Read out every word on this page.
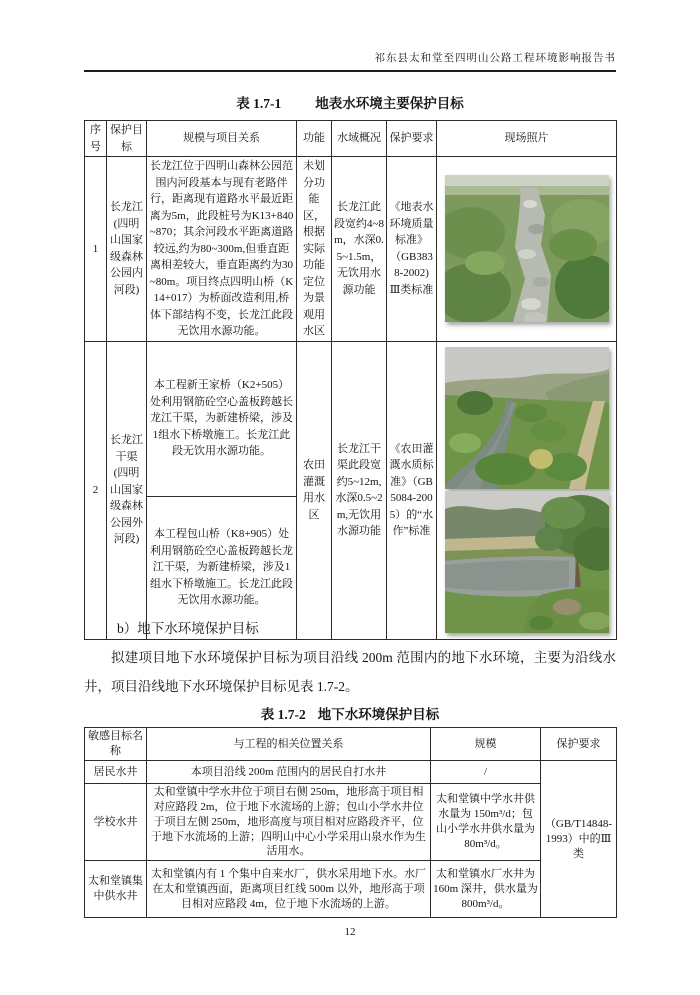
祁东县太和堂至四明山公路工程环境影响报告书
表 1.7-1	地表水环境主要保护目标
序号	保护目标	规模与项目关系	功能	水域概况	保护要求	现场照片
1	长龙江(四明山国家级森林公园内河段)	长龙江位于四明山森林公园范围内河段基本与现有老路伴行，距离现有道路水平最近距离为5m，此段桩号为K13+840~870；其余河段水平距离道路较远,约为80~300m,但垂直距离相差较大，垂直距离约为30~80m。项目终点四明山桥（K14+017）为桥面改造利用,桥体下部结构不变，长龙江此段无饮用水源功能。	未划分功能区，根据实际功能定位为景观用水区	长龙江此段宽约4~8m，水深0.5~1.5m，无饮用水源功能	《地表水环境质量标准》（GB3838-2002)Ⅲ类标准	

2	长龙江干渠(四明山国家级森林公园外河段)	本工程新王家桥（K2+505）处利用钢筋砼空心盖板跨越长龙江干渠，为新建桥梁，涉及1组水下桥墩施工。长龙江此段无饮用水源功能。	农田灌溉用水区	长龙江干渠此段宽约5~12m,水深0.5~2m,无饮用水源功能	《农田灌溉水质标准》（GB5084-2005）的“水作”标准	

		本工程包山桥（K8+905）处利用钢筋砼空心盖板跨越长龙江干渠，为新建桥梁，涉及1组水下桥墩施工。长龙江此段无饮用水源功能。				
b）地下水环境保护目标
拟建项目地下水环境保护目标为项目沿线 200m 范围内的地下水环境，主要为沿线水井，项目沿线地下水环境保护目标见表 1.7-2。
表 1.7-2 地下水环境保护目标
敏感目标名称	与工程的相关位置关系	规模	保护要求
居民水井	本项目沿线 200m 范围内的居民自打水井	/	（GB/T14848-1993）中的Ⅲ类
学校水井	太和堂镇中学水井位于项目右侧 250m，地形高于项目相对应路段 2m，位于地下水流场的上游；包山小学水井位于项目左侧 250m，地形高度与项目相对应路段齐平，位于地下水流场的上游；四明山中心小学采用山泉水作为生活用水。	太和堂镇中学水井供水量为 150m³/d；包山小学水井供水量为 80m³/d。	
太和堂镇集中供水井	太和堂镇内有 1 个集中自来水厂，供水采用地下水。水厂在太和堂镇西面，距离项目红线 500m 以外，地形高于项目相对应路段 4m，位于地下水流场的上游。	太和堂镇水厂水井为 160m 深井，供水量为 800m³/d。	
12
